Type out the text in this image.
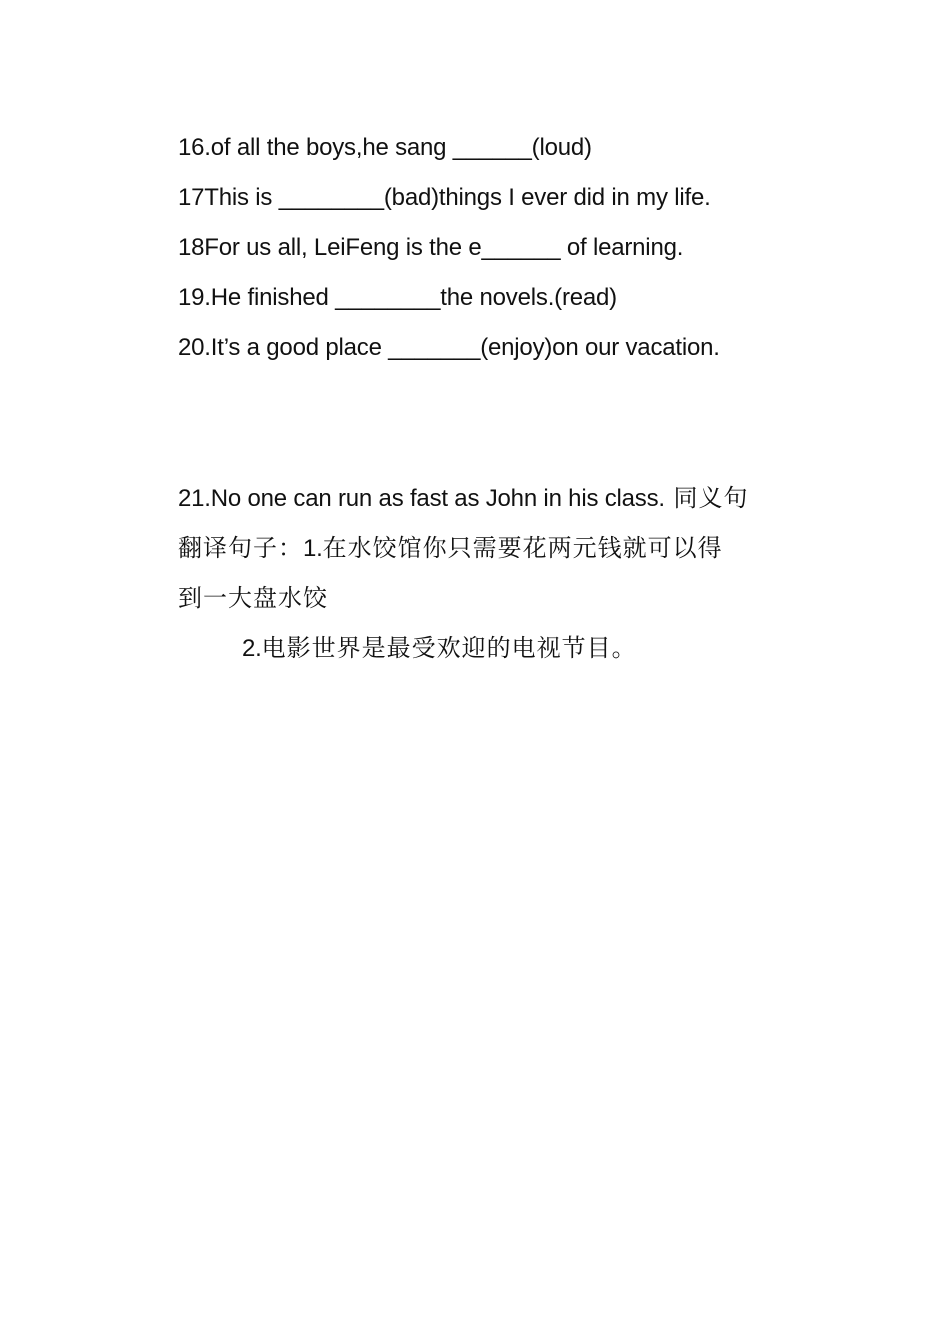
16.of all the boys,he sang ______(loud)
17This is ________(bad)things I ever did in my life.
18For us all, LeiFeng is the e______ of learning.
19.He finished ________the novels.(read)
20.It’s a good place _______(enjoy)on our vacation.
21.No one can run as fast as John in his class. 同义句
翻译句子：1.在水饺馆你只需要花两元钱就可以得
到一大盘水饺
2.电影世界是最受欢迎的电视节目。
